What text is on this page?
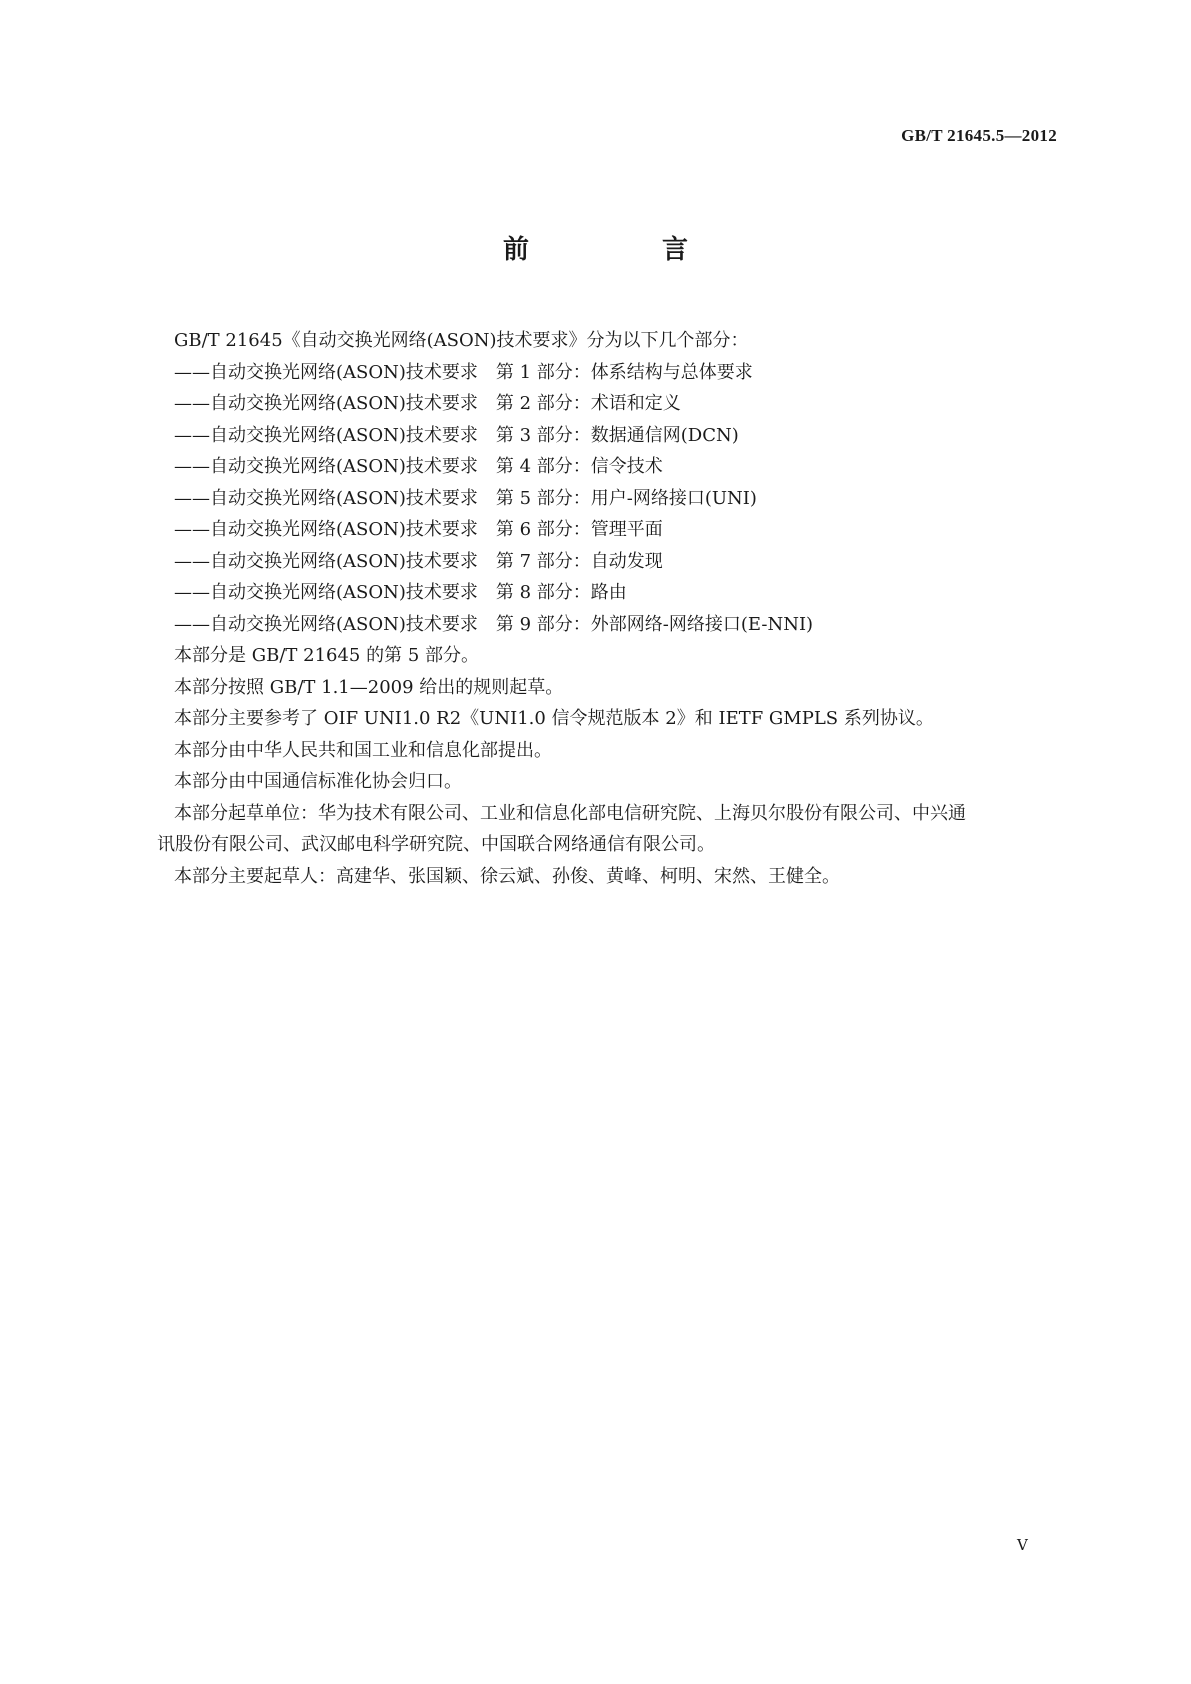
GB/T 21645.5—2012
前 言
GB/T 21645《自动交换光网络(ASON)技术要求》分为以下几个部分：
——自动交换光网络(ASON)技术要求 第 1 部分：体系结构与总体要求
——自动交换光网络(ASON)技术要求 第 2 部分：术语和定义
——自动交换光网络(ASON)技术要求 第 3 部分：数据通信网(DCN)
——自动交换光网络(ASON)技术要求 第 4 部分：信令技术
——自动交换光网络(ASON)技术要求 第 5 部分：用户-网络接口(UNI)
——自动交换光网络(ASON)技术要求 第 6 部分：管理平面
——自动交换光网络(ASON)技术要求 第 7 部分：自动发现
——自动交换光网络(ASON)技术要求 第 8 部分：路由
——自动交换光网络(ASON)技术要求 第 9 部分：外部网络-网络接口(E-NNI)
本部分是 GB/T 21645 的第 5 部分。
本部分按照 GB/T 1.1—2009 给出的规则起草。
本部分主要参考了 OIF UNI1.0 R2《UNI1.0 信令规范版本 2》和 IETF GMPLS 系列协议。
本部分由中华人民共和国工业和信息化部提出。
本部分由中国通信标准化协会归口。
本部分起草单位：华为技术有限公司、工业和信息化部电信研究院、上海贝尔股份有限公司、中兴通
讯股份有限公司、武汉邮电科学研究院、中国联合网络通信有限公司。
本部分主要起草人：高建华、张国颖、徐云斌、孙俊、黄峰、柯明、宋然、王健全。
Ⅴ
